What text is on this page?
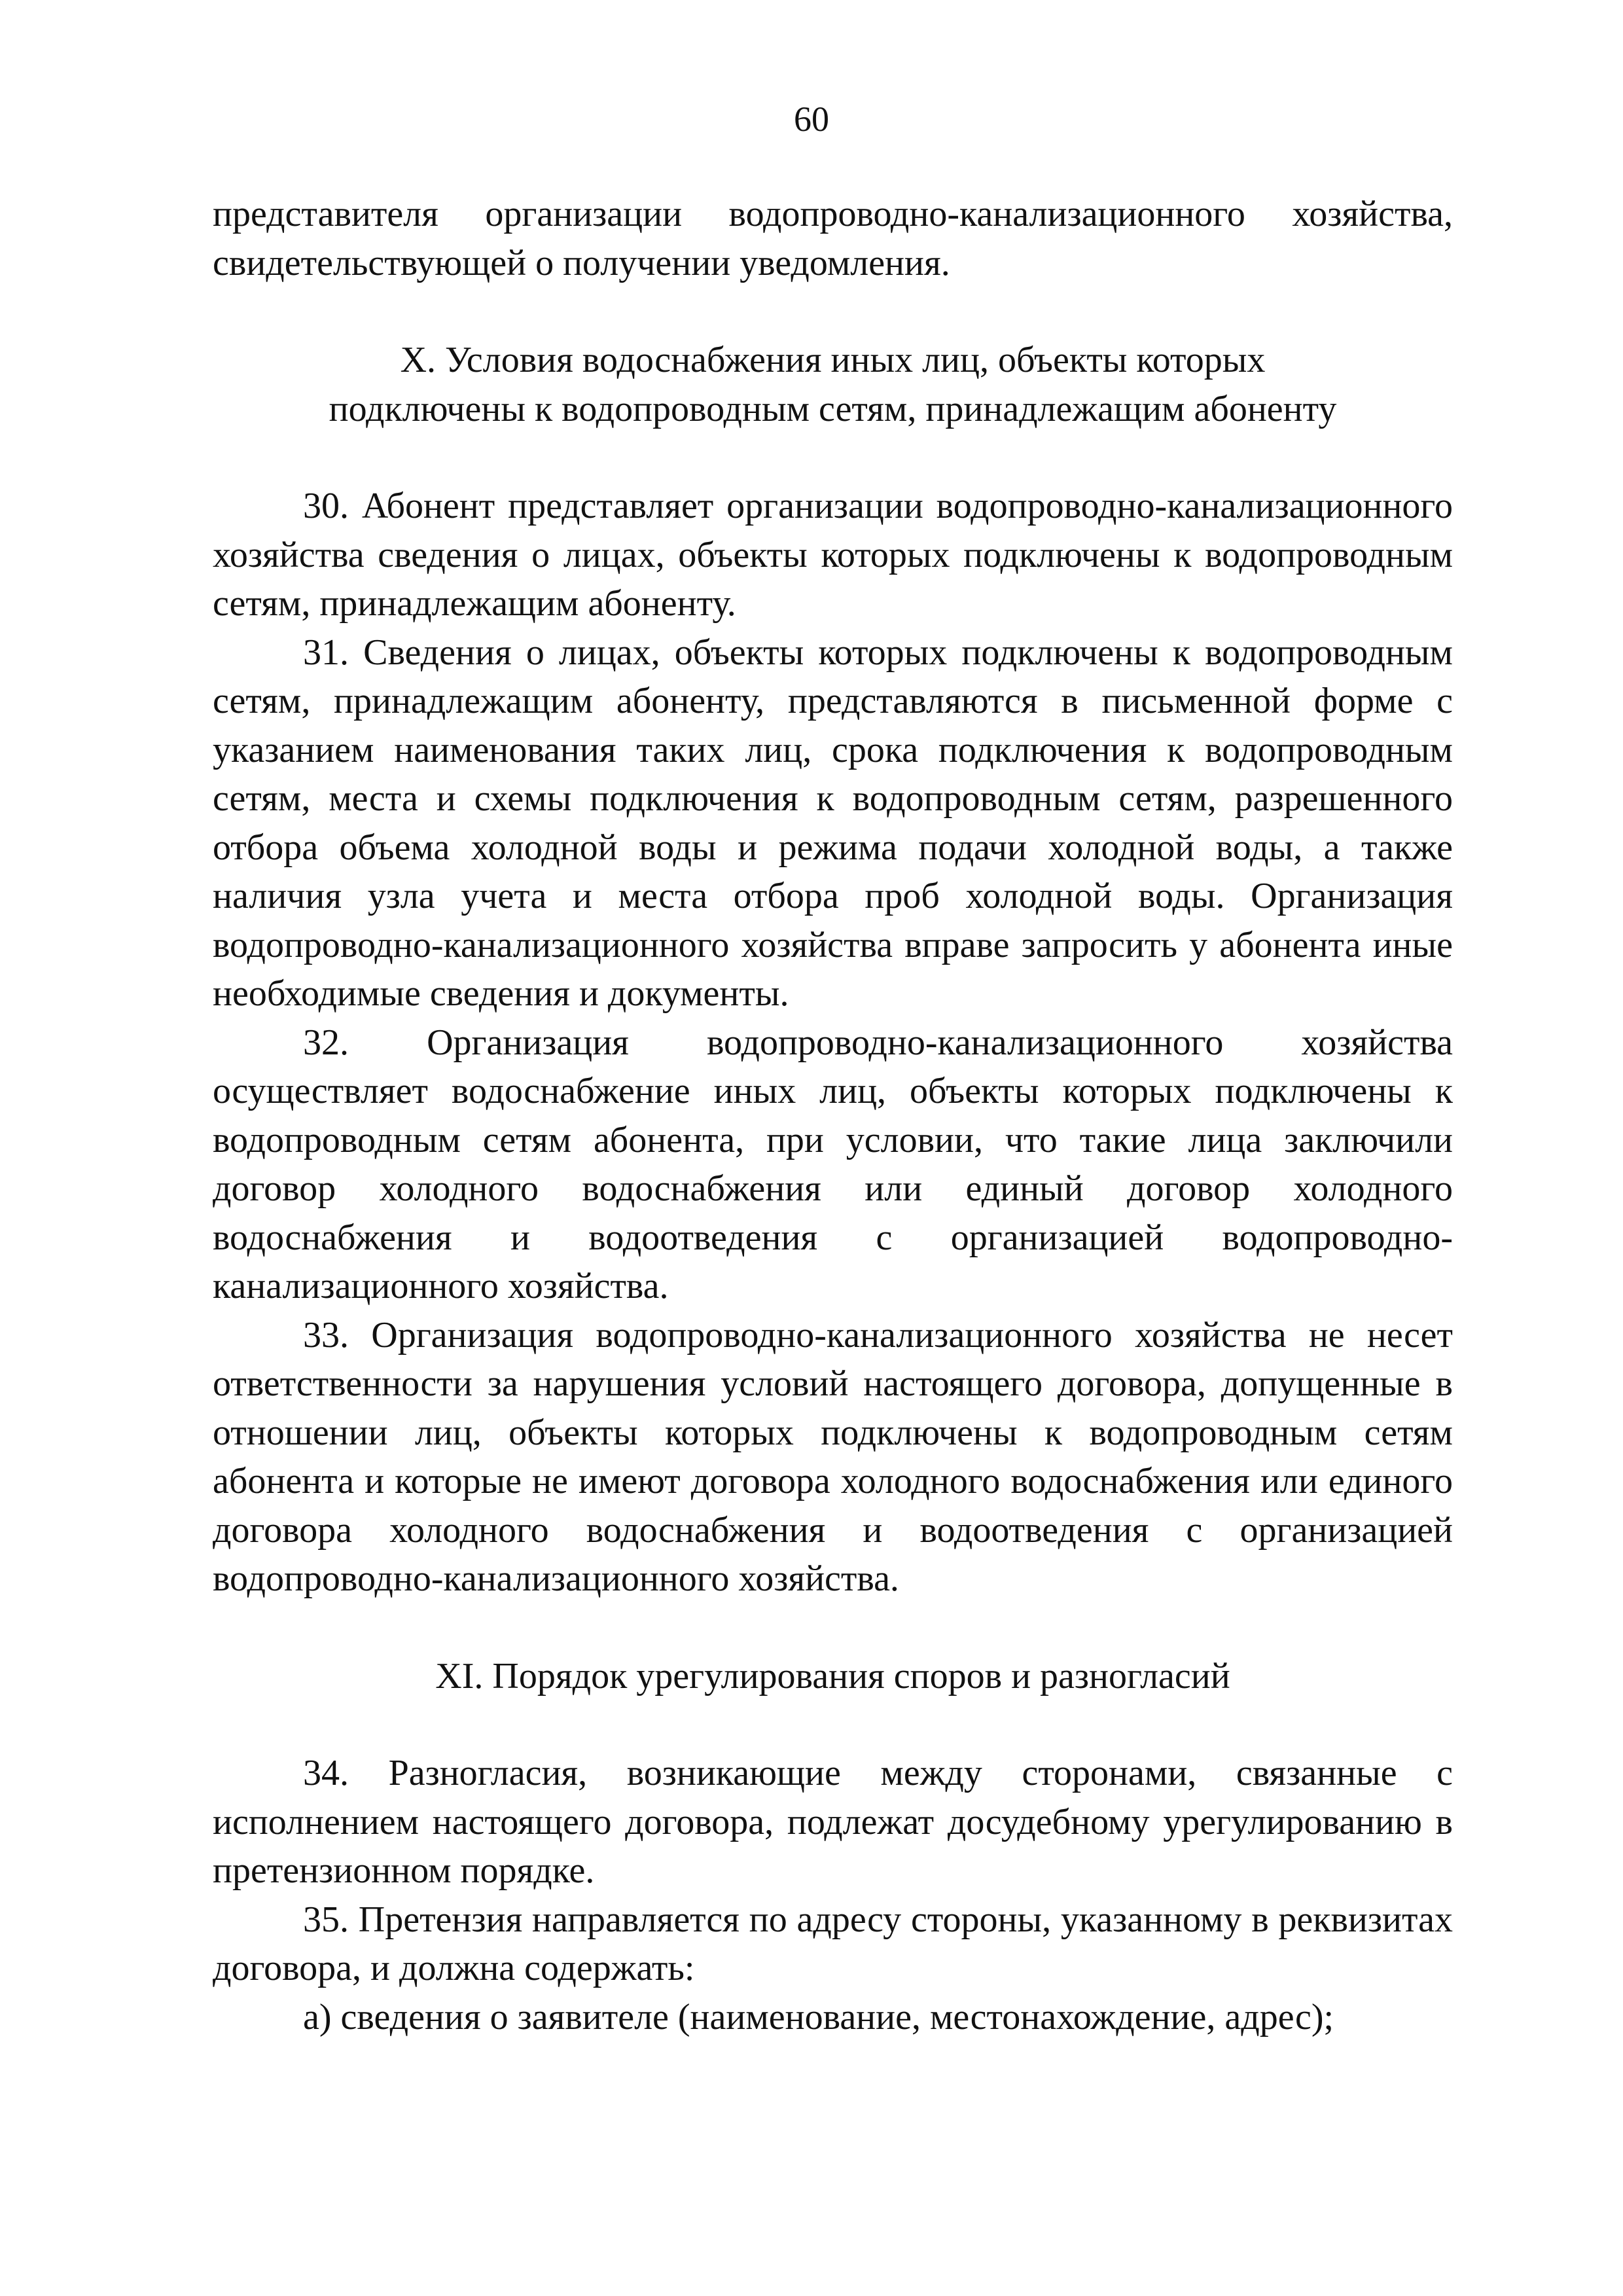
60

представителя организации водопроводно-канализационного хозяйства, свидетельствующей о получении уведомления.

X. Условия водоснабжения иных лиц, объекты которых
подключены к водопроводным сетям, принадлежащим абоненту

30. Абонент представляет организации водопроводно-канализационного хозяйства сведения о лицах, объекты которых подключены к водопроводным сетям, принадлежащим абоненту.

31. Сведения о лицах, объекты которых подключены к водопроводным сетям, принадлежащим абоненту, представляются в письменной форме с указанием наименования таких лиц, срока подключения к водопроводным сетям, места и схемы подключения к водопроводным сетям, разрешенного отбора объема холодной воды и режима подачи холодной воды, а также наличия узла учета и места отбора проб холодной воды. Организация водопроводно-канализационного хозяйства вправе запросить у абонента иные необходимые сведения и документы.

32. Организация водопроводно-канализационного хозяйства осуществляет водоснабжение иных лиц, объекты которых подключены к водопроводным сетям абонента, при условии, что такие лица заключили договор холодного водоснабжения или единый договор холодного водоснабжения и водоотведения с организацией водопроводно-канализационного хозяйства.

33. Организация водопроводно-канализационного хозяйства не несет ответственности за нарушения условий настоящего договора, допущенные в отношении лиц, объекты которых подключены к водопроводным сетям абонента и которые не имеют договора холодного водоснабжения или единого договора холодного водоснабжения и водоотведения с организацией водопроводно-канализационного хозяйства.

XI. Порядок урегулирования споров и разногласий

34. Разногласия, возникающие между сторонами, связанные с исполнением настоящего договора, подлежат досудебному урегулированию в претензионном порядке.

35. Претензия направляется по адресу стороны, указанному в реквизитах договора, и должна содержать:

а) сведения о заявителе (наименование, местонахождение, адрес);
